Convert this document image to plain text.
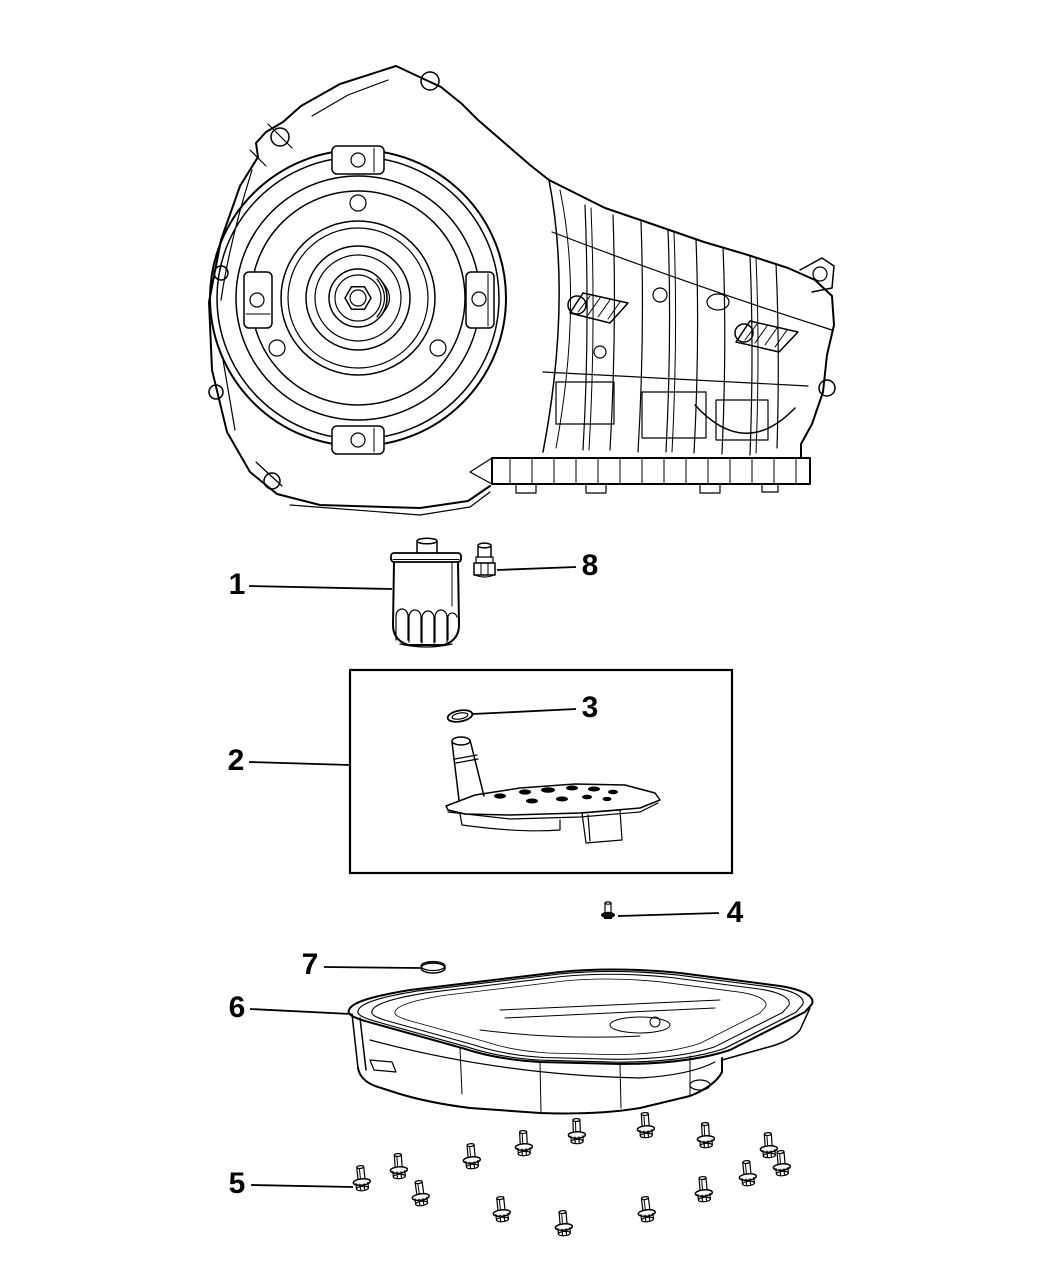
1
2
3
4
5
6
7
8
